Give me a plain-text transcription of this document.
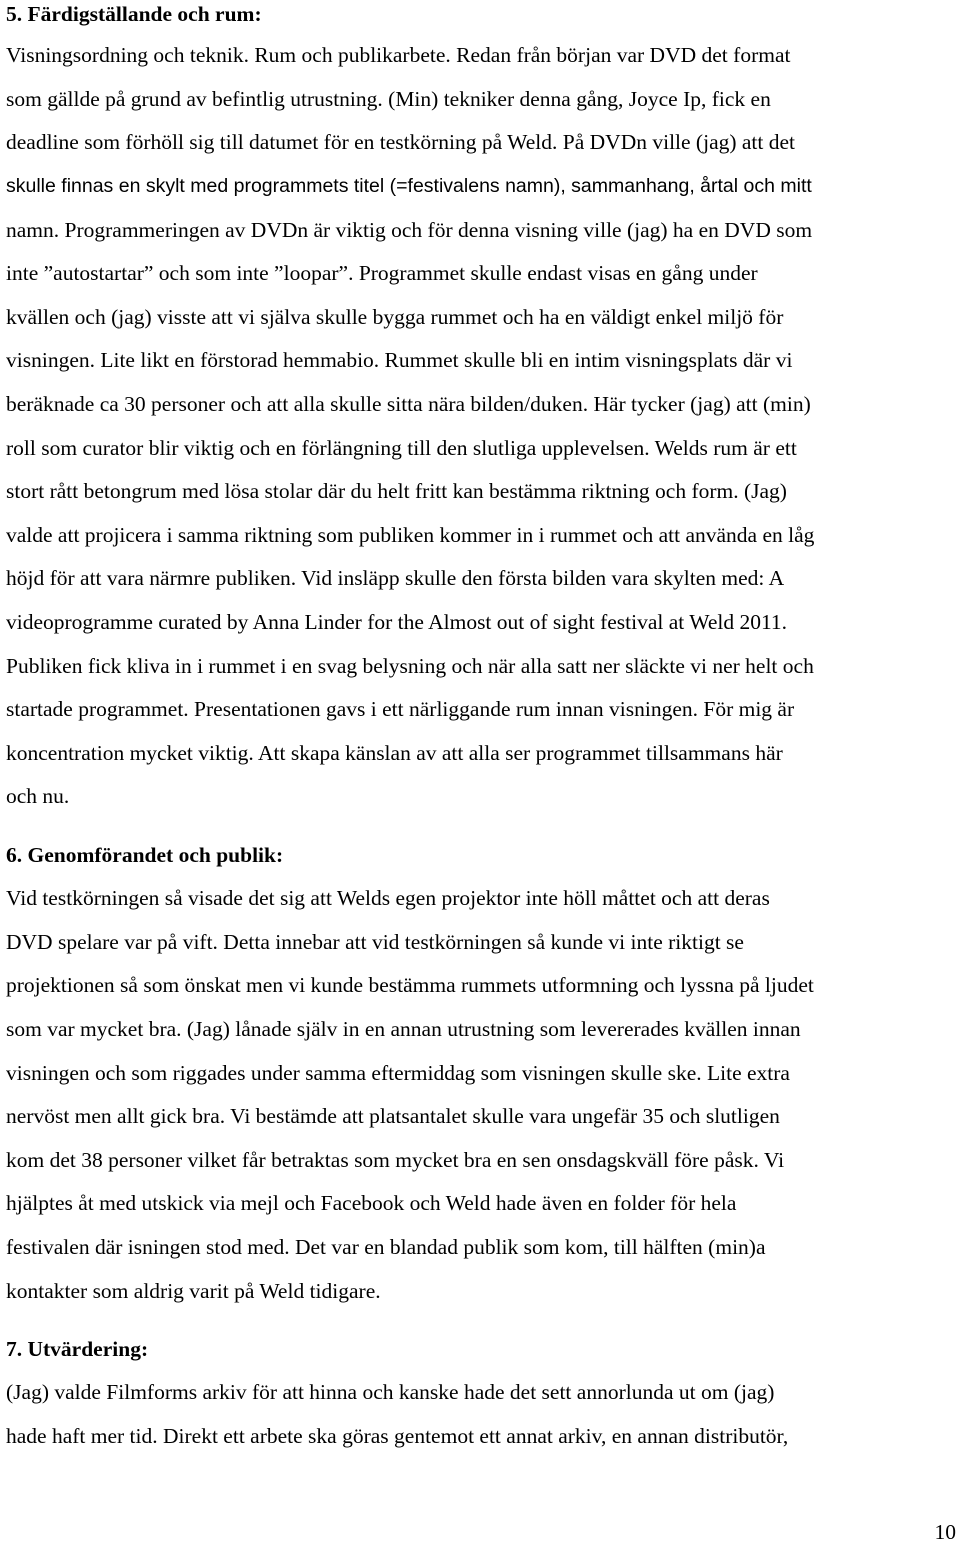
5. Färdigställande och rum:
Visningsordning och teknik. Rum och publikarbete. Redan från början var DVD det format
som gällde på grund av befintlig utrustning. (Min) tekniker denna gång, Joyce Ip, fick en
deadline som förhöll sig till datumet för en testkörning på Weld. På DVDn ville (jag) att det
skulle finnas en skylt med programmets titel (=festivalens namn), sammanhang, årtal och mitt
namn. Programmeringen av DVDn är viktig och för denna visning ville (jag) ha en DVD som
inte ”autostartar” och som inte ”loopar”. Programmet skulle endast visas en gång under
kvällen och (jag) visste att vi själva skulle bygga rummet och ha en väldigt enkel miljö för
visningen. Lite likt en förstorad hemmabio. Rummet skulle bli en intim visningsplats där vi
beräknade ca 30 personer och att alla skulle sitta nära bilden/duken. Här tycker (jag) att (min)
roll som curator blir viktig och en förlängning till den slutliga upplevelsen. Welds rum är ett
stort rått betongrum med lösa stolar där du helt fritt kan bestämma riktning och form. (Jag)
valde att projicera i samma riktning som publiken kommer in i rummet och att använda en låg
höjd för att vara närmre publiken. Vid insläpp skulle den första bilden vara skylten med: A
videoprogramme curated by Anna Linder for the Almost out of sight festival at Weld 2011.
Publiken fick kliva in i rummet i en svag belysning och när alla satt ner släckte vi ner helt och
startade programmet. Presentationen gavs i ett närliggande rum innan visningen. För mig är
koncentration mycket viktig. Att skapa känslan av att alla ser programmet tillsammans här
och nu.
6. Genomförandet och publik:
Vid testkörningen så visade det sig att Welds egen projektor inte höll måttet och att deras
DVD spelare var på vift. Detta innebar att vid testkörningen så kunde vi inte riktigt se
projektionen så som önskat men vi kunde bestämma rummets utformning och lyssna på ljudet
som var mycket bra. (Jag) lånade själv in en annan utrustning som levererades kvällen innan
visningen och som riggades under samma eftermiddag som visningen skulle ske. Lite extra
nervöst men allt gick bra. Vi bestämde att platsantalet skulle vara ungefär 35 och slutligen
kom det 38 personer vilket får betraktas som mycket bra en sen onsdagskväll före påsk. Vi
hjälptes åt med utskick via mejl och Facebook och Weld hade även en folder för hela
festivalen där isningen stod med. Det var en blandad publik som kom, till hälften (min)a
kontakter som aldrig varit på Weld tidigare.
7. Utvärdering:
(Jag) valde Filmforms arkiv för att hinna och kanske hade det sett annorlunda ut om (jag)
hade haft mer tid. Direkt ett arbete ska göras gentemot ett annat arkiv, en annan distributör,
10
